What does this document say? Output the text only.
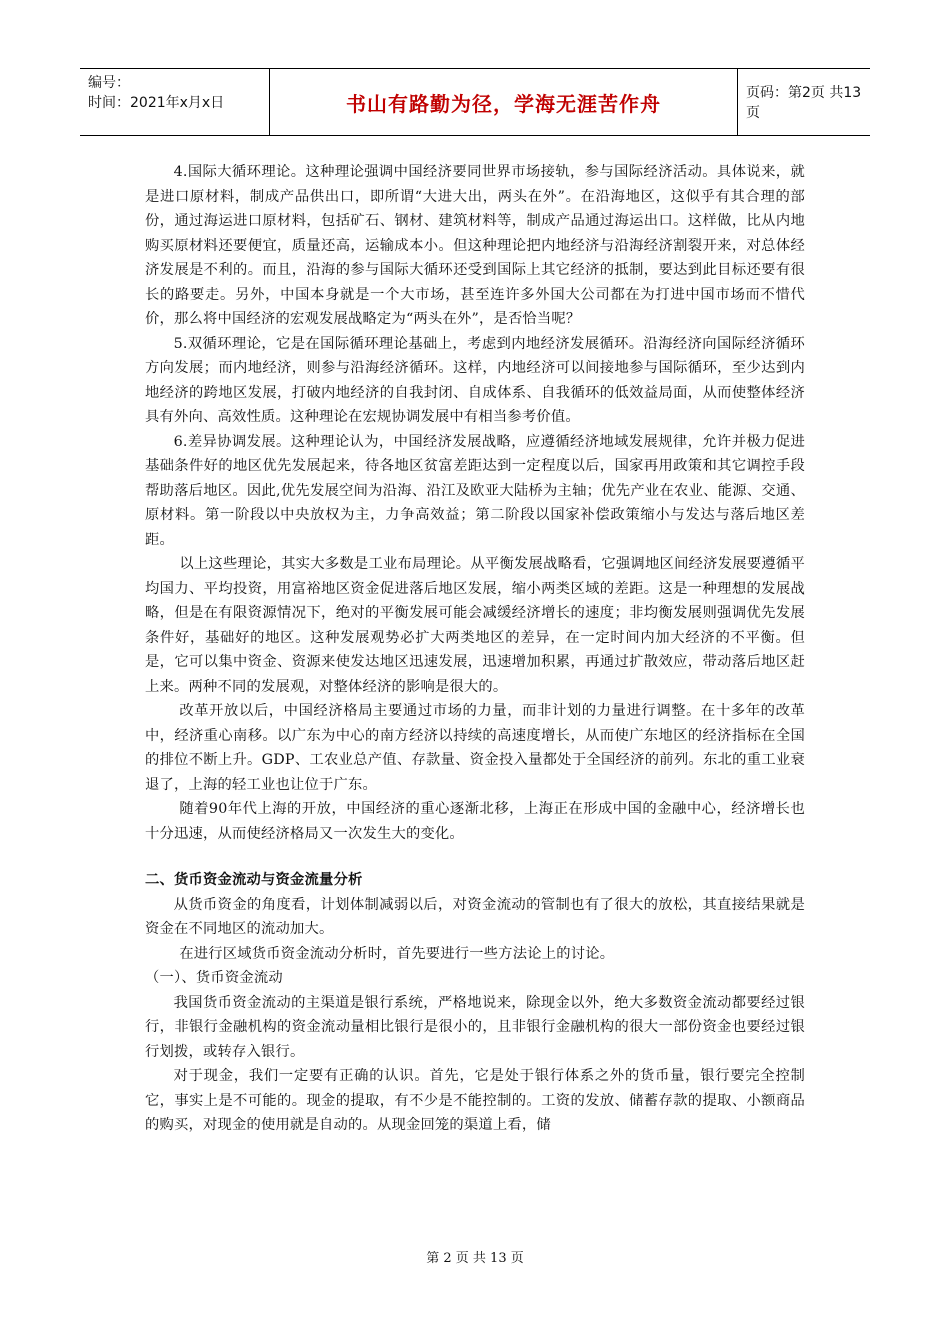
编号：
时间：2021年x月x日	书山有路勤为径，学海无涯苦作舟	页码：第2页 共13页

4.国际大循环理论。这种理论强调中国经济要同世界市场接轨，参与国际经济活动。具体说来，就是进口原材料，制成产品供出口，即所谓“大进大出，两头在外”。在沿海地区，这似乎有其合理的部份，通过海运进口原材料，包括矿石、钢材、建筑材料等，制成产品通过海运出口。这样做，比从内地购买原材料还要便宜，质量还高，运输成本小。但这种理论把内地经济与沿海经济割裂开来，对总体经济发展是不利的。而且，沿海的参与国际大循环还受到国际上其它经济的抵制，要达到此目标还要有很长的路要走。另外，中国本身就是一个大市场，甚至连许多外国大公司都在为打进中国市场而不惜代价，那么将中国经济的宏观发展战略定为“两头在外”，是否恰当呢？

5.双循环理论，它是在国际循环理论基础上，考虑到内地经济发展循环。沿海经济向国际经济循环方向发展；而内地经济，则参与沿海经济循环。这样，内地经济可以间接地参与国际循环，至少达到内地经济的跨地区发展，打破内地经济的自我封闭、自成体系、自我循环的低效益局面，从而使整体经济具有外向、高效性质。这种理论在宏规协调发展中有相当参考价值。

6.差异协调发展。这种理论认为，中国经济发展战略，应遵循经济地域发展规律，允许并极力促进基础条件好的地区优先发展起来，待各地区贫富差距达到一定程度以后，国家再用政策和其它调控手段帮助落后地区。因此,优先发展空间为沿海、沿江及欧亚大陆桥为主轴；优先产业在农业、能源、交通、原材料。第一阶段以中央放权为主，力争高效益；第二阶段以国家补偿政策缩小与发达与落后地区差距。

以上这些理论，其实大多数是工业布局理论。从平衡发展战略看，它强调地区间经济发展要遵循平均国力、平均投资，用富裕地区资金促进落后地区发展，缩小两类区域的差距。这是一种理想的发展战略，但是在有限资源情况下，绝对的平衡发展可能会减缓经济增长的速度；非均衡发展则强调优先发展条件好，基础好的地区。这种发展观势必扩大两类地区的差异，在一定时间内加大经济的不平衡。但是，它可以集中资金、资源来使发达地区迅速发展，迅速增加积累，再通过扩散效应，带动落后地区赶上来。两种不同的发展观，对整体经济的影响是很大的。

改革开放以后，中国经济格局主要通过市场的力量，而非计划的力量进行调整。在十多年的改革中，经济重心南移。以广东为中心的南方经济以持续的高速度增长，从而使广东地区的经济指标在全国的排位不断上升。GDP、工农业总产值、存款量、资金投入量都处于全国经济的前列。东北的重工业衰退了，上海的轻工业也让位于广东。

随着90年代上海的开放，中国经济的重心逐渐北移，上海正在形成中国的金融中心，经济增长也十分迅速，从而使经济格局又一次发生大的变化。

二、货币资金流动与资金流量分析

从货币资金的角度看，计划体制减弱以后，对资金流动的管制也有了很大的放松，其直接结果就是资金在不同地区的流动加大。

在进行区域货币资金流动分析时，首先要进行一些方法论上的讨论。

（一）、货币资金流动

我国货币资金流动的主渠道是银行系统，严格地说来，除现金以外，绝大多数资金流动都要经过银行，非银行金融机构的资金流动量相比银行是很小的，且非银行金融机构的很大一部份资金也要经过银行划拨，或转存入银行。

对于现金，我们一定要有正确的认识。首先，它是处于银行体系之外的货币量，银行要完全控制它，事实上是不可能的。现金的提取，有不少是不能控制的。工资的发放、储蓄存款的提取、小额商品的购买，对现金的使用就是自动的。从现金回笼的渠道上看，储

第 2 页 共 13 页
